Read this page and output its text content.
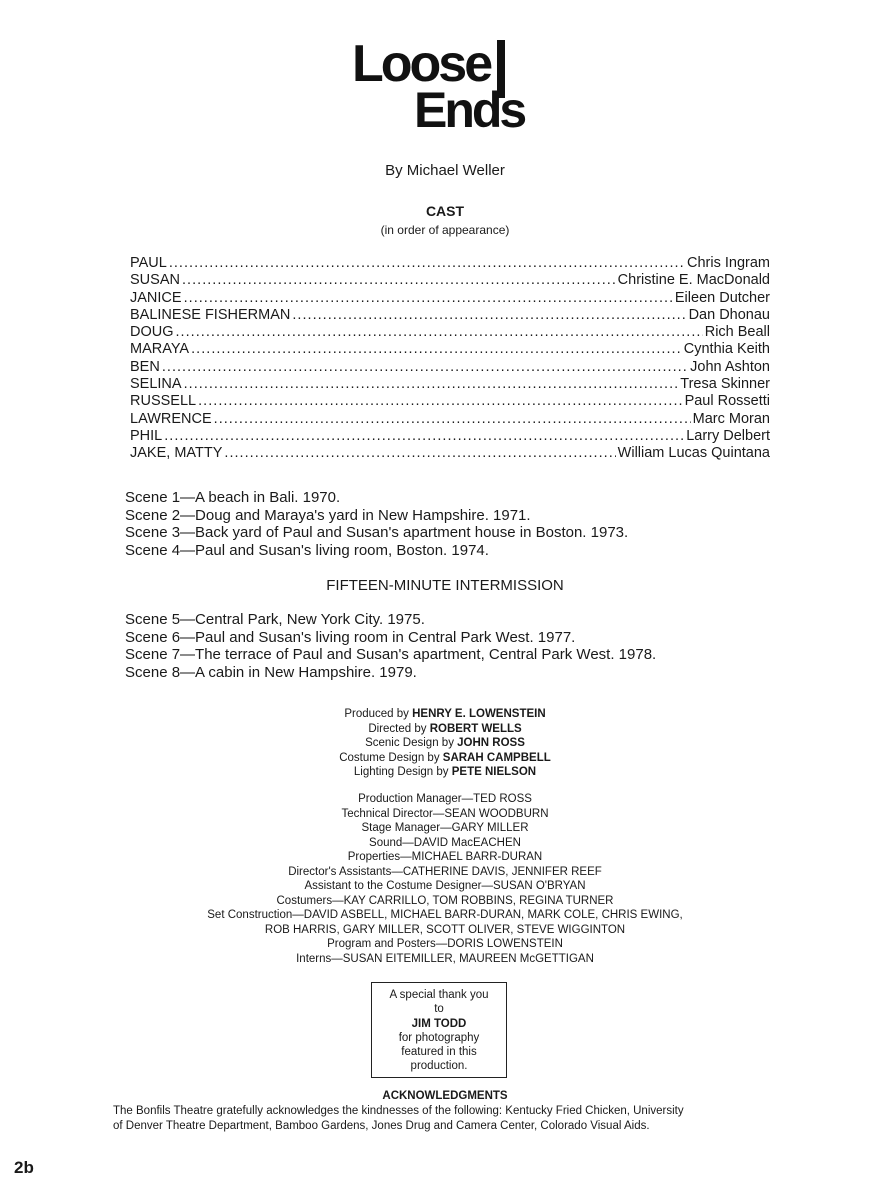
Loose
Ends
By Michael Weller
CAST
(in order of appearance)
PAUL . . .	Chris Ingram
SUSAN . . .	Christine E. MacDonald
JANICE . . .	Eileen Dutcher
BALINESE FISHERMAN . . .	Dan Dhonau
DOUG . . .	Rich Beall
MARAYA . . .	Cynthia Keith
BEN . . .	John Ashton
SELINA . . .	Tresa Skinner
RUSSELL . . .	Paul Rossetti
LAWRENCE . . .	Marc Moran
PHIL . . .	Larry Delbert
JAKE, MATTY . . .	William Lucas Quintana
Scene 1—A beach in Bali. 1970.
Scene 2—Doug and Maraya's yard in New Hampshire. 1971.
Scene 3—Back yard of Paul and Susan's apartment house in Boston. 1973.
Scene 4—Paul and Susan's living room, Boston. 1974.
FIFTEEN-MINUTE INTERMISSION
Scene 5—Central Park, New York City. 1975.
Scene 6—Paul and Susan's living room in Central Park West. 1977.
Scene 7—The terrace of Paul and Susan's apartment, Central Park West. 1978.
Scene 8—A cabin in New Hampshire. 1979.
Produced by HENRY E. LOWENSTEIN
Directed by ROBERT WELLS
Scenic Design by JOHN ROSS
Costume Design by SARAH CAMPBELL
Lighting Design by PETE NIELSON
Production Manager—TED ROSS
Technical Director—SEAN WOODBURN
Stage Manager—GARY MILLER
Sound—DAVID MacEACHEN
Properties—MICHAEL BARR-DURAN
Director's Assistants—CATHERINE DAVIS, JENNIFER REEF
Assistant to the Costume Designer—SUSAN O'BRYAN
Costumers—KAY CARRILLO, TOM ROBBINS, REGINA TURNER
Set Construction—DAVID ASBELL, MICHAEL BARR-DURAN, MARK COLE, CHRIS EWING,
ROB HARRIS, GARY MILLER, SCOTT OLIVER, STEVE WIGGINTON
Program and Posters—DORIS LOWENSTEIN
Interns—SUSAN EITEMILLER, MAUREEN McGETTIGAN
A special thank you
to
JIM TODD
for photography
featured in this
production.
ACKNOWLEDGMENTS
The Bonfils Theatre gratefully acknowledges the kindnesses of the following: Kentucky Fried Chicken, University
of Denver Theatre Department, Bamboo Gardens, Jones Drug and Camera Center, Colorado Visual Aids.
2b
